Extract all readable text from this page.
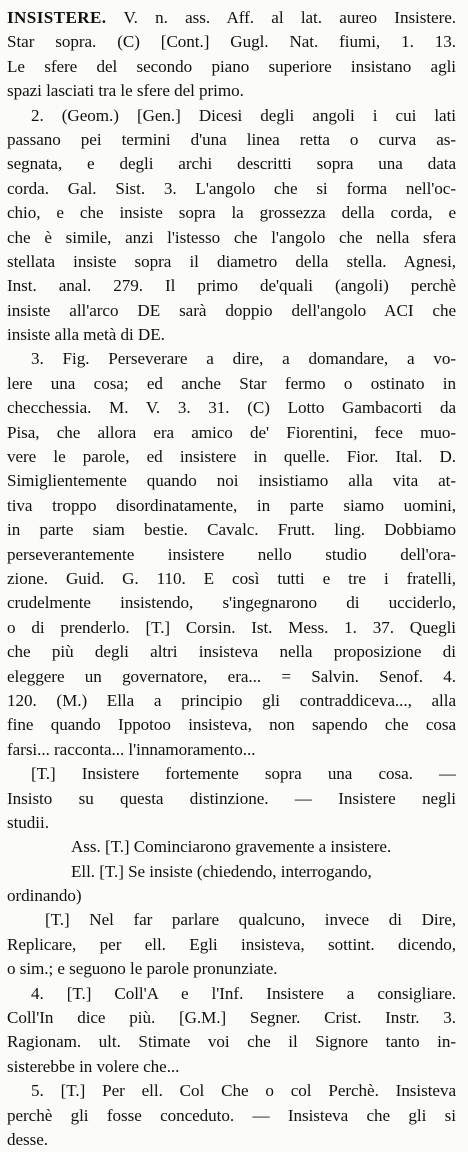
INSISTERE. V. n. ass. Aff. al lat. aureo Insistere.
Star sopra. (C) [Cont.] Gugl. Nat. fiumi, 1. 13.
Le sfere del secondo piano superiore insistano agli
spazi lasciati tra le sfere del primo.
2. (Geom.) [Gen.] Dicesi degli angoli i cui lati
passano pei termini d'una linea retta o curva as-
segnata, e degli archi descritti sopra una data
corda. Gal. Sist. 3. L'angolo che si forma nell'oc-
chio, e che insiste sopra la grossezza della corda, e
che è simile, anzi l'istesso che l'angolo che nella sfera
stellata insiste sopra il diametro della stella. Agnesi,
Inst. anal. 279. Il primo de'quali (angoli) perchè
insiste all'arco DE sarà doppio dell'angolo ACI che
insiste alla metà di DE.
3. Fig. Perseverare a dire, a domandare, a vo-
lere una cosa; ed anche Star fermo o ostinato in
checchessia. M. V. 3. 31. (C) Lotto Gambacorti da
Pisa, che allora era amico de' Fiorentini, fece muo-
vere le parole, ed insistere in quelle. Fior. Ital. D.
Simiglientemente quando noi insistiamo alla vita at-
tiva troppo disordinatamente, in parte siamo uomini,
in parte siam bestie. Cavalc. Frutt. ling. Dobbiamo
perseverantemente insistere nello studio dell'ora-
zione. Guid. G. 110. E così tutti e tre i fratelli,
crudelmente insistendo, s'ingegnarono di ucciderlo,
o di prenderlo. [T.] Corsin. Ist. Mess. 1. 37. Quegli
che più degli altri insisteva nella proposizione di
eleggere un governatore, era... = Salvin. Senof. 4.
120. (M.) Ella a principio gli contraddiceva..., alla
fine quando Ippotoo insisteva, non sapendo che cosa
farsi... racconta... l'innamoramento...
[T.] Insistere fortemente sopra una cosa. —
Insisto su questa distinzione. — Insistere negli
studii.
Ass. [T.] Cominciarono gravemente a insistere.
Ell. [T.] Se insiste (chiedendo, interrogando,
ordinando)
[T.] Nel far parlare qualcuno, invece di Dire,
Replicare, per ell. Egli insisteva, sottint. dicendo,
o sim.; e seguono le parole pronunziate.
4. [T.] Coll'A e l'Inf. Insistere a consigliare.
Coll'In dice più. [G.M.] Segner. Crist. Instr. 3.
Ragionam. ult. Stimate voi che il Signore tanto in-
sisterebbe in volere che...
5. [T.] Per ell. Col Che o col Perchè. Insisteva
perchè gli fosse conceduto. — Insisteva che gli si
desse.
